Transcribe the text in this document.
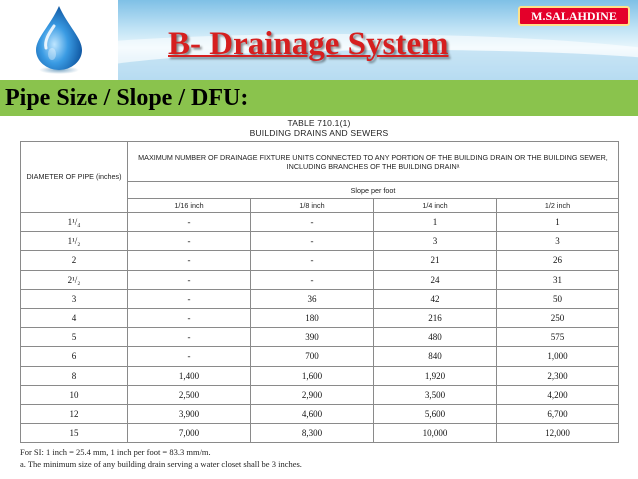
B- Drainage System
M.SALAHDINE
Pipe Size / Slope / DFU:
TABLE 710.1(1)
BUILDING DRAINS AND SEWERS
DIAMETER OF PIPE (inches)	MAXIMUM NUMBER OF DRAINAGE FIXTURE UNITS CONNECTED TO ANY PORTION OF THE BUILDING DRAIN OR THE BUILDING SEWER, INCLUDING BRANCHES OF THE BUILDING DRAINᵃ			
	Slope per foot			
	1/16 inch	1/8 inch	1/4 inch	1/2 inch
1¹/₄	-	-	1	1
1¹/₂	-	-	3	3
2	-	-	21	26
2¹/₂	-	-	24	31
3	-	36	42	50
4	-	180	216	250
5	-	390	480	575
6	-	700	840	1,000
8	1,400	1,600	1,920	2,300
10	2,500	2,900	3,500	4,200
12	3,900	4,600	5,600	6,700
15	7,000	8,300	10,000	12,000
For SI: 1 inch = 25.4 mm, 1 inch per foot = 83.3 mm/m.
a. The minimum size of any building drain serving a water closet shall be 3 inches.
